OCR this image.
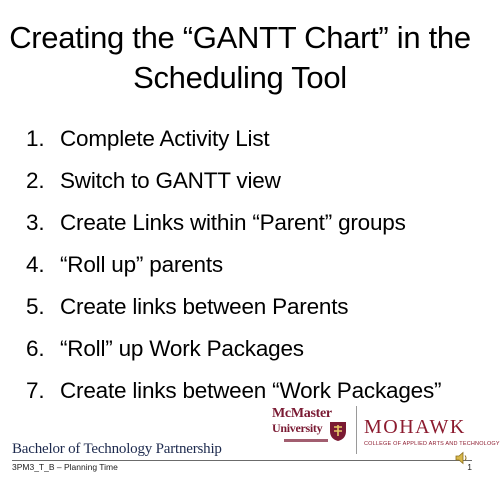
Creating the “GANTT Chart” in the
Scheduling Tool
1. Complete Activity List
2. Switch to GANTT view
3. Create Links within “Parent” groups
4. “Roll up” parents
5. Create links between Parents
6. “Roll” up Work Packages
7. Create links between “Work Packages”
McMaster
University MOHAWK
COLLEGE OF APPLIED ARTS AND TECHNOLOGY
Bachelor of Technology Partnership
3PM3_T_B – Planning Time	1
